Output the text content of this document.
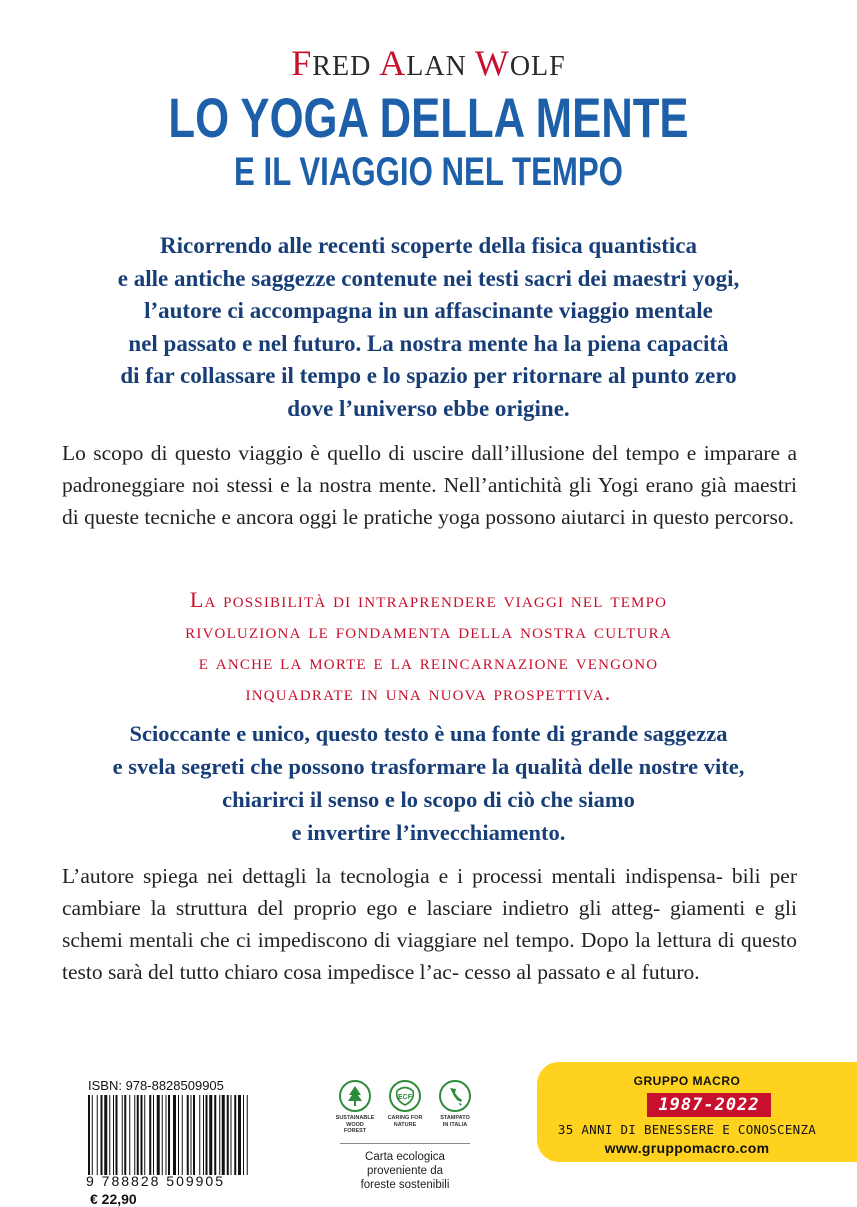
FRED ALAN WOLF
LO YOGA DELLA MENTE
E IL VIAGGIO NEL TEMPO
Ricorrendo alle recenti scoperte della fisica quantistica
e alle antiche saggezze contenute nei testi sacri dei maestri yogi,
l’autore ci accompagna in un affascinante viaggio mentale
nel passato e nel futuro. La nostra mente ha la piena capacità
di far collassare il tempo e lo spazio per ritornare al punto zero
dove l’universo ebbe origine.
Lo scopo di questo viaggio è quello di uscire dall’illusione del tempo e imparare a padroneggiare noi stessi e la nostra mente. Nell’antichità gli Yogi erano già maestri di queste tecniche e ancora oggi le pratiche yoga possono aiutarci in questo percorso.
La possibilità di intraprendere viaggi nel tempo
rivoluziona le fondamenta della nostra cultura
e anche la morte e la reincarnazione vengono
inquadrate in una nuova prospettiva.
Scioccante e unico, questo testo è una fonte di grande saggezza
e svela segreti che possono trasformare la qualità delle nostre vite,
chiarirci il senso e lo scopo di ciò che siamo
e invertire l’invecchiamento.
L’autore spiega nei dettagli la tecnologia e i processi mentali indispensa- bili per cambiare la struttura del proprio ego e lasciare indietro gli atteg- giamenti e gli schemi mentali che ci impediscono di viaggiare nel tempo. Dopo la lettura di questo testo sarà del tutto chiaro cosa impedisce l’ac- cesso al passato e al futuro.
ISBN: 978-8828509905
9 788828 509905
€ 22,90
SUSTAINABLE
WOOD FOREST
ECF
CARING FOR
NATURE
STAMPATO
IN ITALIA
Carta ecologica
proveniente da
foreste sostenibili
GRUPPO MACRO
1987-2022
35 ANNI DI BENESSERE E CONOSCENZA
www.gruppomacro.com
